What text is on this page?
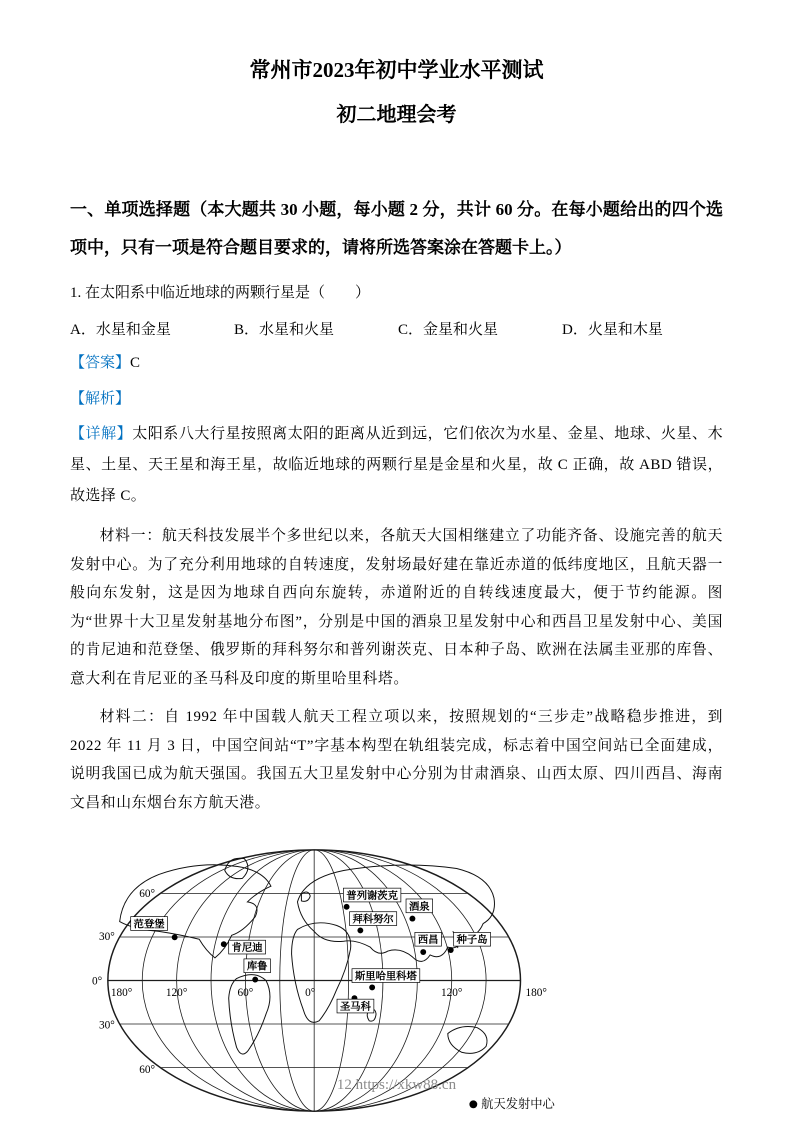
常州市2023年初中学业水平测试
初二地理会考

一、单项选择题（本大题共 30 小题，每小题 2 分，共计 60 分。在每小题给出的四个选项中，只有一项是符合题目要求的，请将所选答案涂在答题卡上。）

1. 在太阳系中临近地球的两颗行星是（　　）

A．水星和金星	B．水星和火星	C．金星和火星	D．火星和木星

【答案】C

【解析】

【详解】太阳系八大行星按照离太阳的距离从近到远，它们依次为水星、金星、地球、火星、木星、土星、天王星和海王星，故临近地球的两颗行星是金星和火星，故 C 正确，故 ABD 错误，故选择 C。

材料一：航天科技发展半个多世纪以来，各航天大国相继建立了功能齐备、设施完善的航天发射中心。为了充分利用地球的自转速度，发射场最好建在靠近赤道的低纬度地区，且航天器一般向东发射，这是因为地球自西向东旋转，赤道附近的自转线速度最大，便于节约能源。图为“世界十大卫星发射基地分布图”，分别是中国的酒泉卫星发射中心和西昌卫星发射中心、美国的肯尼迪和范登堡、俄罗斯的拜科努尔和普列谢茨克、日本种子岛、欧洲在法属圭亚那的库鲁、意大利在肯尼亚的圣马科及印度的斯里哈里科塔。

材料二：自 1992 年中国载人航天工程立项以来，按照规划的“三步走”战略稳步推进，到 2022 年 11 月 3 日，中国空间站“T”字基本构型在轨组装完成，标志着中国空间站已全面建成，说明我国已成为航天强国。我国五大卫星发射中心分别为甘肃酒泉、山西太原、四川西昌、海南文昌和山东烟台东方航天港。

60°
30°
0°
30°
60°
180°	120°	60°	0°	120°	180°
范登堡
肯尼迪
库鲁
普列谢茨克
酒泉
拜科努尔
西昌 种子岛
斯里哈里科塔
圣马科
航天发射中心
12 https://xkw88.cn
